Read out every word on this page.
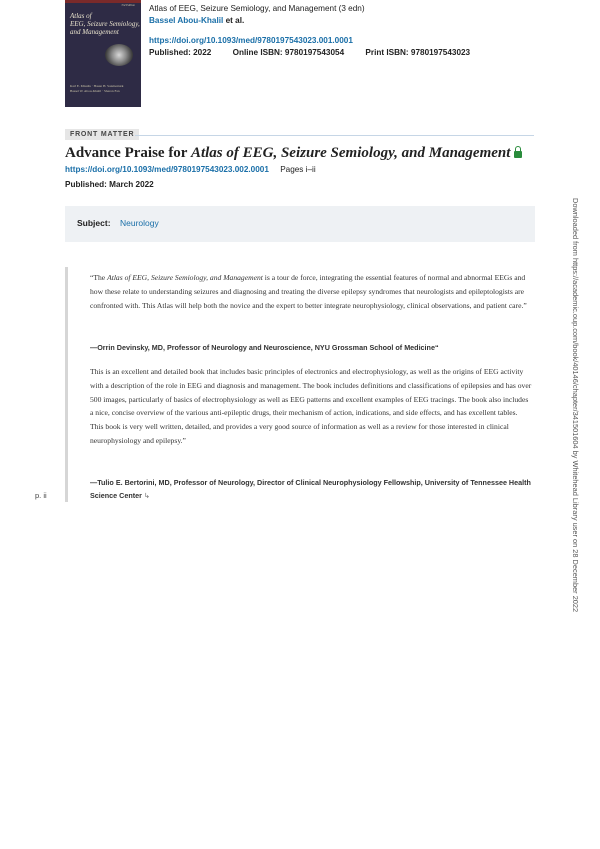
3rd Edition
Atlas of
EEG, Seizure Semiology,
and Management
Karl E. Misulis · Hasan H. Sonmezturk
Bassel W. Abou-Khalil · Sharon Fan
Atlas of EEG, Seizure Semiology, and Management (3 edn)
Bassel Abou-Khalil et al.
https://doi.org/10.1093/med/9780197543023.001.0001
Published: 2022	Online ISBN: 9780197543054	Print ISBN: 9780197543023
FRONT MATTER
Advance Praise for Atlas of EEG, Seizure Semiology, and Management
https://doi.org/10.1093/med/9780197543023.002.0001 Pages i–ii
Published: March 2022
Subject: Neurology
“The Atlas of EEG, Seizure Semiology, and Management is a tour de force, integrating the essential features of normal and abnormal EEGs and how these relate to understanding seizures and diagnosing and treating the diverse epilepsy syndromes that neurologists and epileptologists are confronted with. This Atlas will help both the novice and the expert to better integrate neurophysiology, clinical observations, and patient care.”
—Orrin Devinsky, MD, Professor of Neurology and Neuroscience, NYU Grossman School of Medicine“
This is an excellent and detailed book that includes basic principles of electronics and electrophysiology, as well as the origins of EEG activity with a description of the role in EEG and diagnosis and management. The book includes definitions and classifications of epilepsies and has over 500 images, particularly of basics of electrophysiology as well as EEG patterns and excellent examples of EEG tracings. The book also includes a nice, concise overview of the various anti-epileptic drugs, their mechanism of action, indications, and side effects, and has excellent tables. This book is very well written, detailed, and provides a very good source of information as well as a review for those interested in clinical neurophysiology and epilepsy.”
—Tulio E. Bertorini, MD, Professor of Neurology, Director of Clinical Neurophysiology Fellowship, University of Tennessee Health Science Center ↳
p. ii	Downloaded from https://academic.oup.com/book/40146/chapter/341501604 by Whitehead Library user on 28 December 2022
